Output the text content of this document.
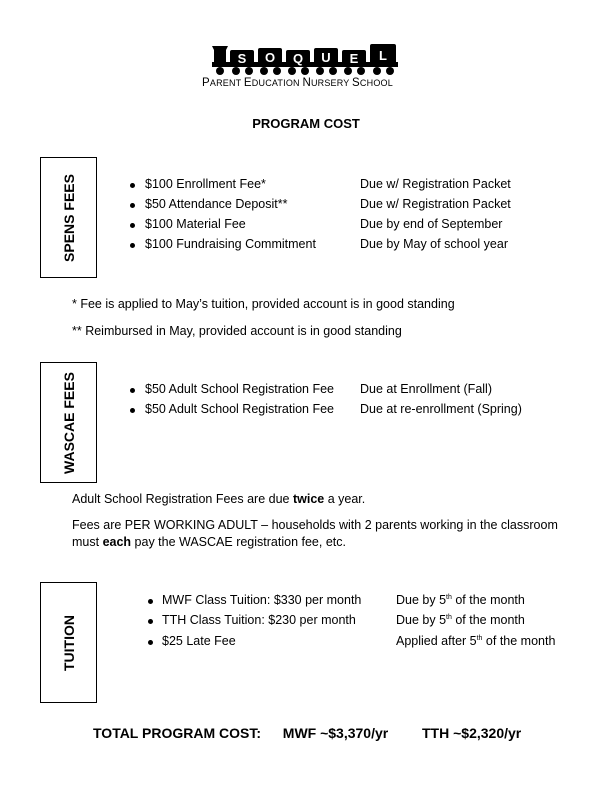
S O Q U E L
PARENT EDUCATION NURSERY SCHOOL
PROGRAM COST
SPENS FEES	$100 Enrollment Fee*	Due w/ Registration Packet
$50 Attendance Deposit**	Due w/ Registration Packet
$100 Material Fee	Due by end of September
$100 Fundraising Commitment	Due by May of school year
* Fee is applied to May’s tuition, provided account is in good standing
** Reimbursed in May, provided account is in good standing
WASCAE FEES	$50 Adult School Registration Fee Due at Enrollment (Fall)
$50 Adult School Registration Fee Due at re-enrollment (Spring)
Adult School Registration Fees are due twice a year.
Fees are PER WORKING ADULT – households with 2 parents working in the classroom
must each pay the WASCAE registration fee, etc.
TUITION
MWF Class Tuition: $330 per month	Due by 5th of the month
TTH Class Tuition: $230 per month	Due by 5th of the month
$25 Late Fee	Applied after 5th of the month
TOTAL PROGRAM COST: MWF ~$3,370/yr TTH ~$2,320/yr
